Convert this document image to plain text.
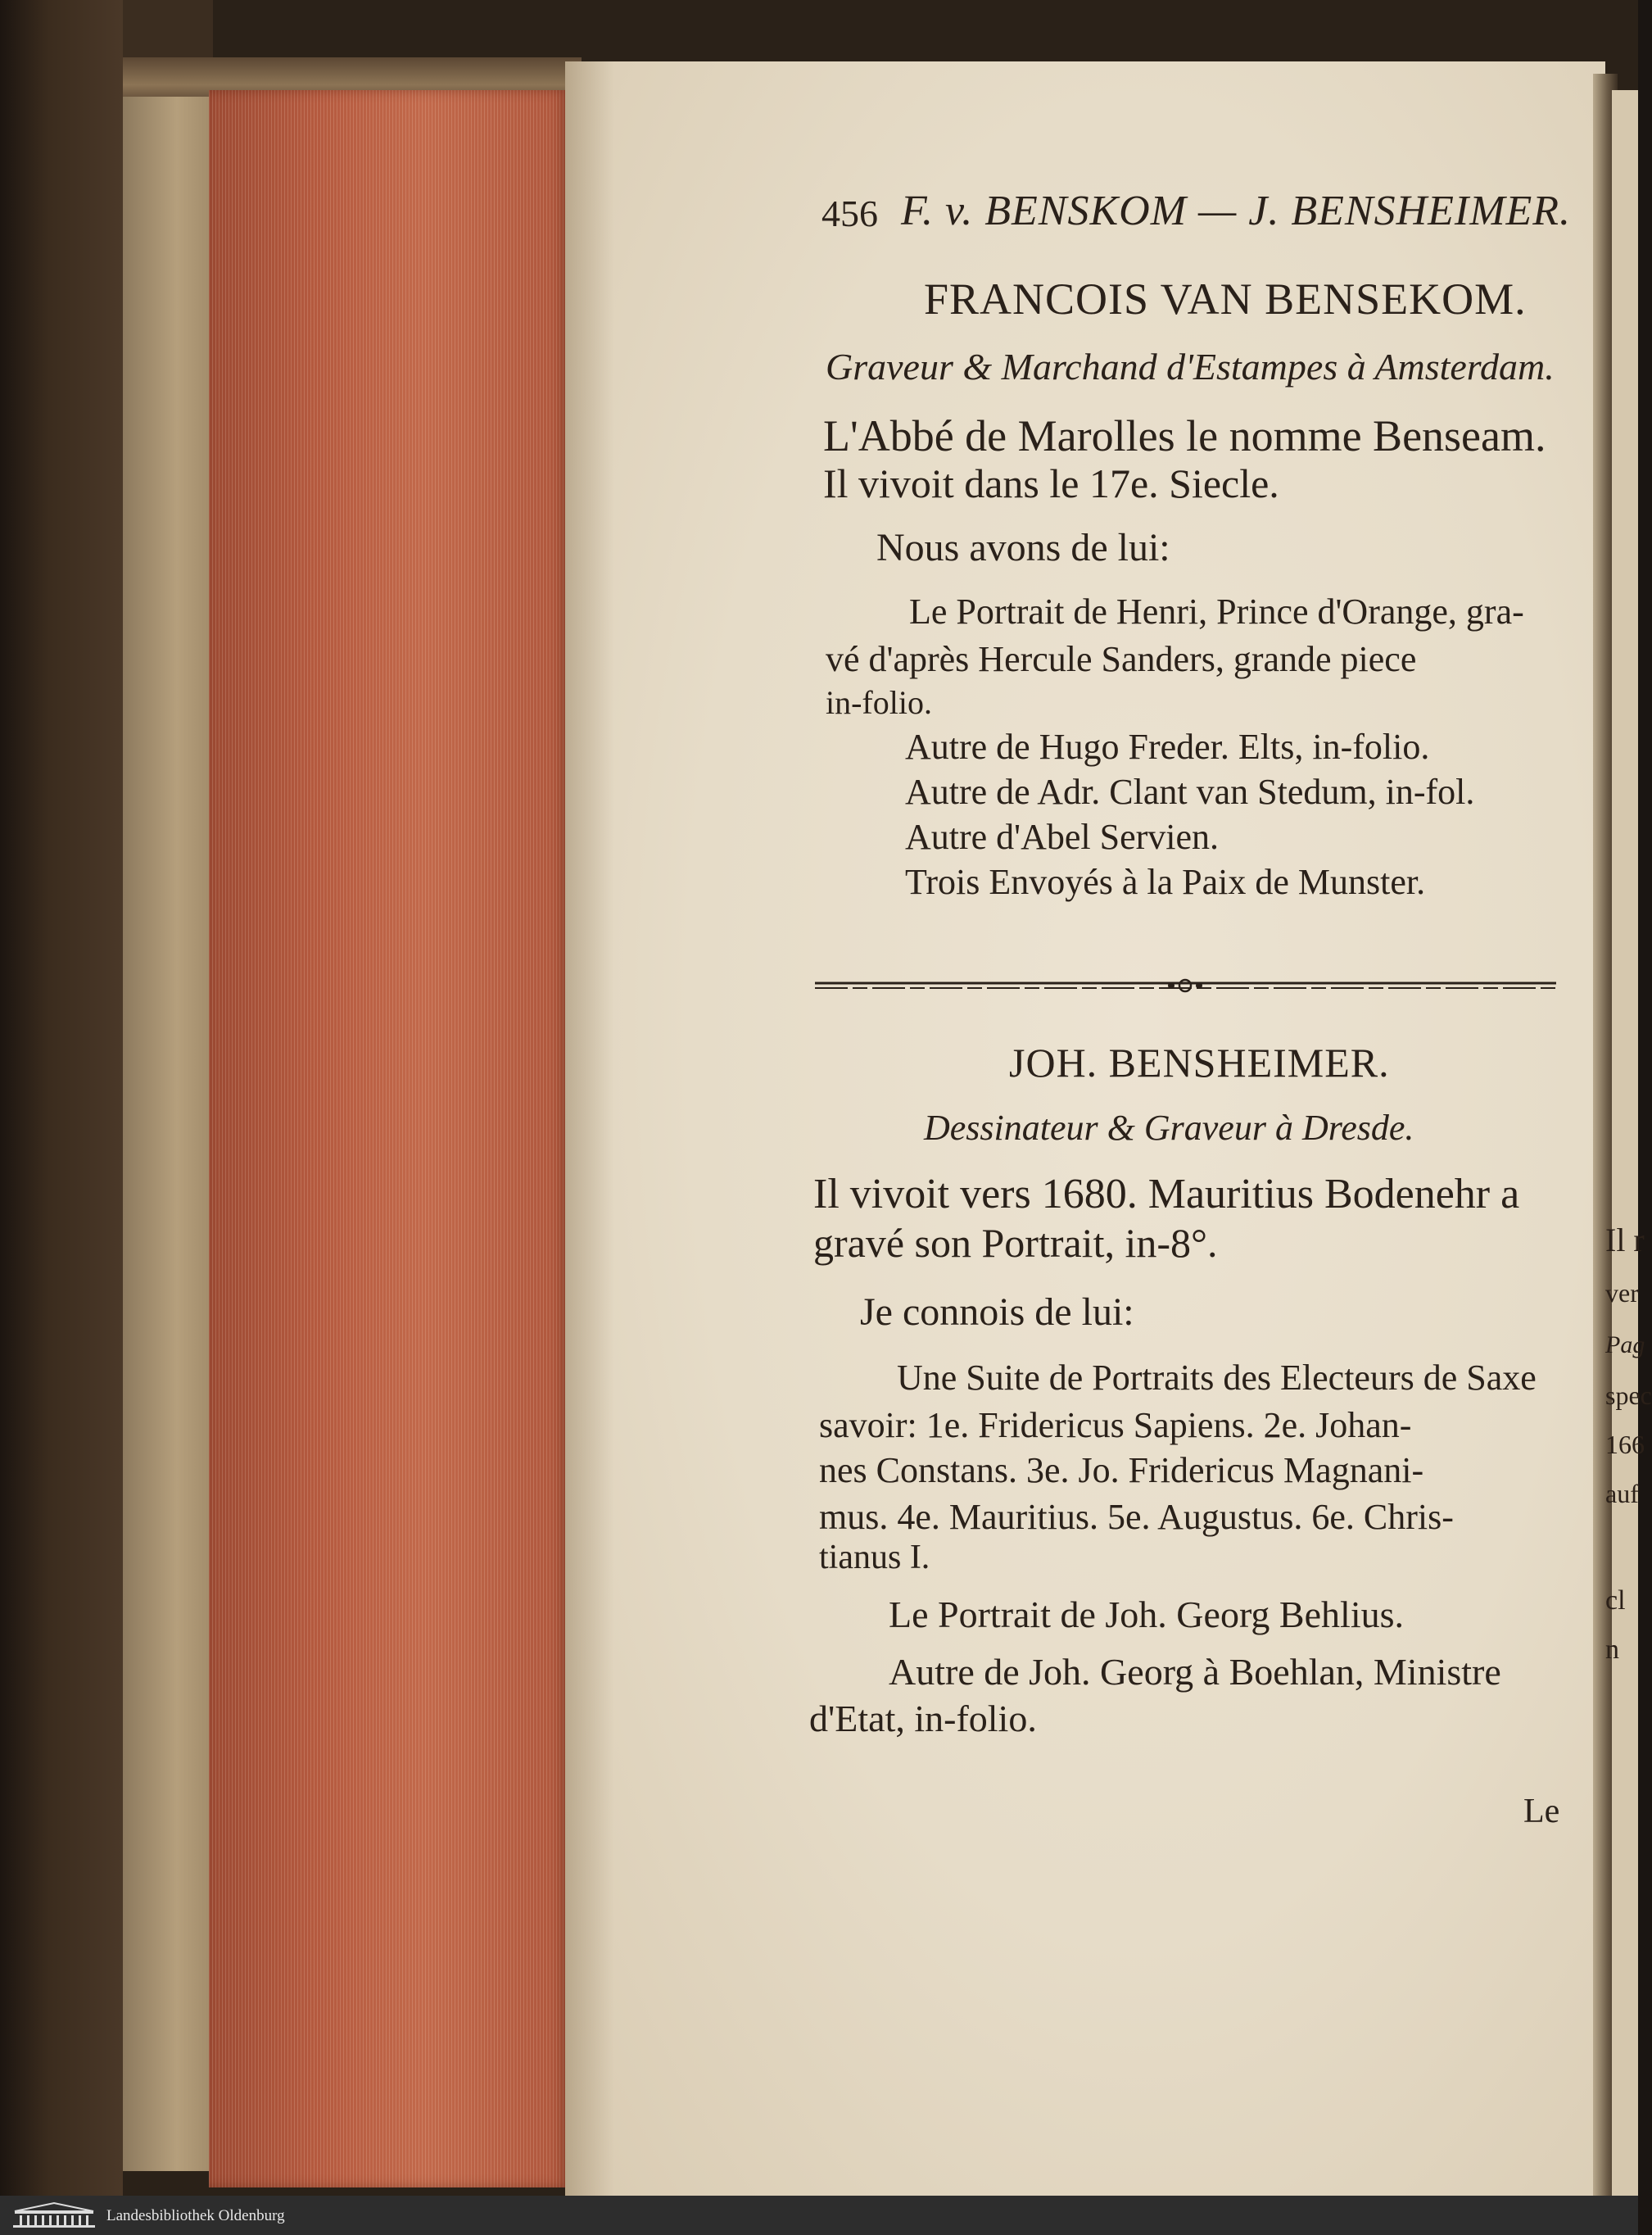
Il r
ver
Pag
spec
166
auf
cl
n
456 F. v. BENSKOM — J. BENSHEIMER.
FRANCOIS VAN BENSEKOM.
Graveur & Marchand d'Estampes à Amsterdam.
L'Abbé de Marolles le nomme Benseam.
Il vivoit dans le 17e. Siecle.
Nous avons de lui:
Le Portrait de Henri, Prince d'Orange, gra-
vé d'après Hercule Sanders, grande piece
in-folio.
Autre de Hugo Freder. Elts, in-folio.
Autre de Adr. Clant van Stedum, in-fol.
Autre d'Abel Servien.
Trois Envoyés à la Paix de Munster.
JOH. BENSHEIMER.
Dessinateur & Graveur à Dresde.
Il vivoit vers 1680. Mauritius Bodenehr a
gravé son Portrait, in-8°.
Je connois de lui:
Une Suite de Portraits des Electeurs de Saxe
savoir: 1e. Fridericus Sapiens. 2e. Johan-
nes Constans. 3e. Jo. Fridericus Magnani-
mus. 4e. Mauritius. 5e. Augustus. 6e. Chris-
tianus I.
Le Portrait de Joh. Georg Behlius.
Autre de Joh. Georg à Boehlan, Ministre
d'Etat, in-folio.
Le
Landesbibliothek Oldenburg
